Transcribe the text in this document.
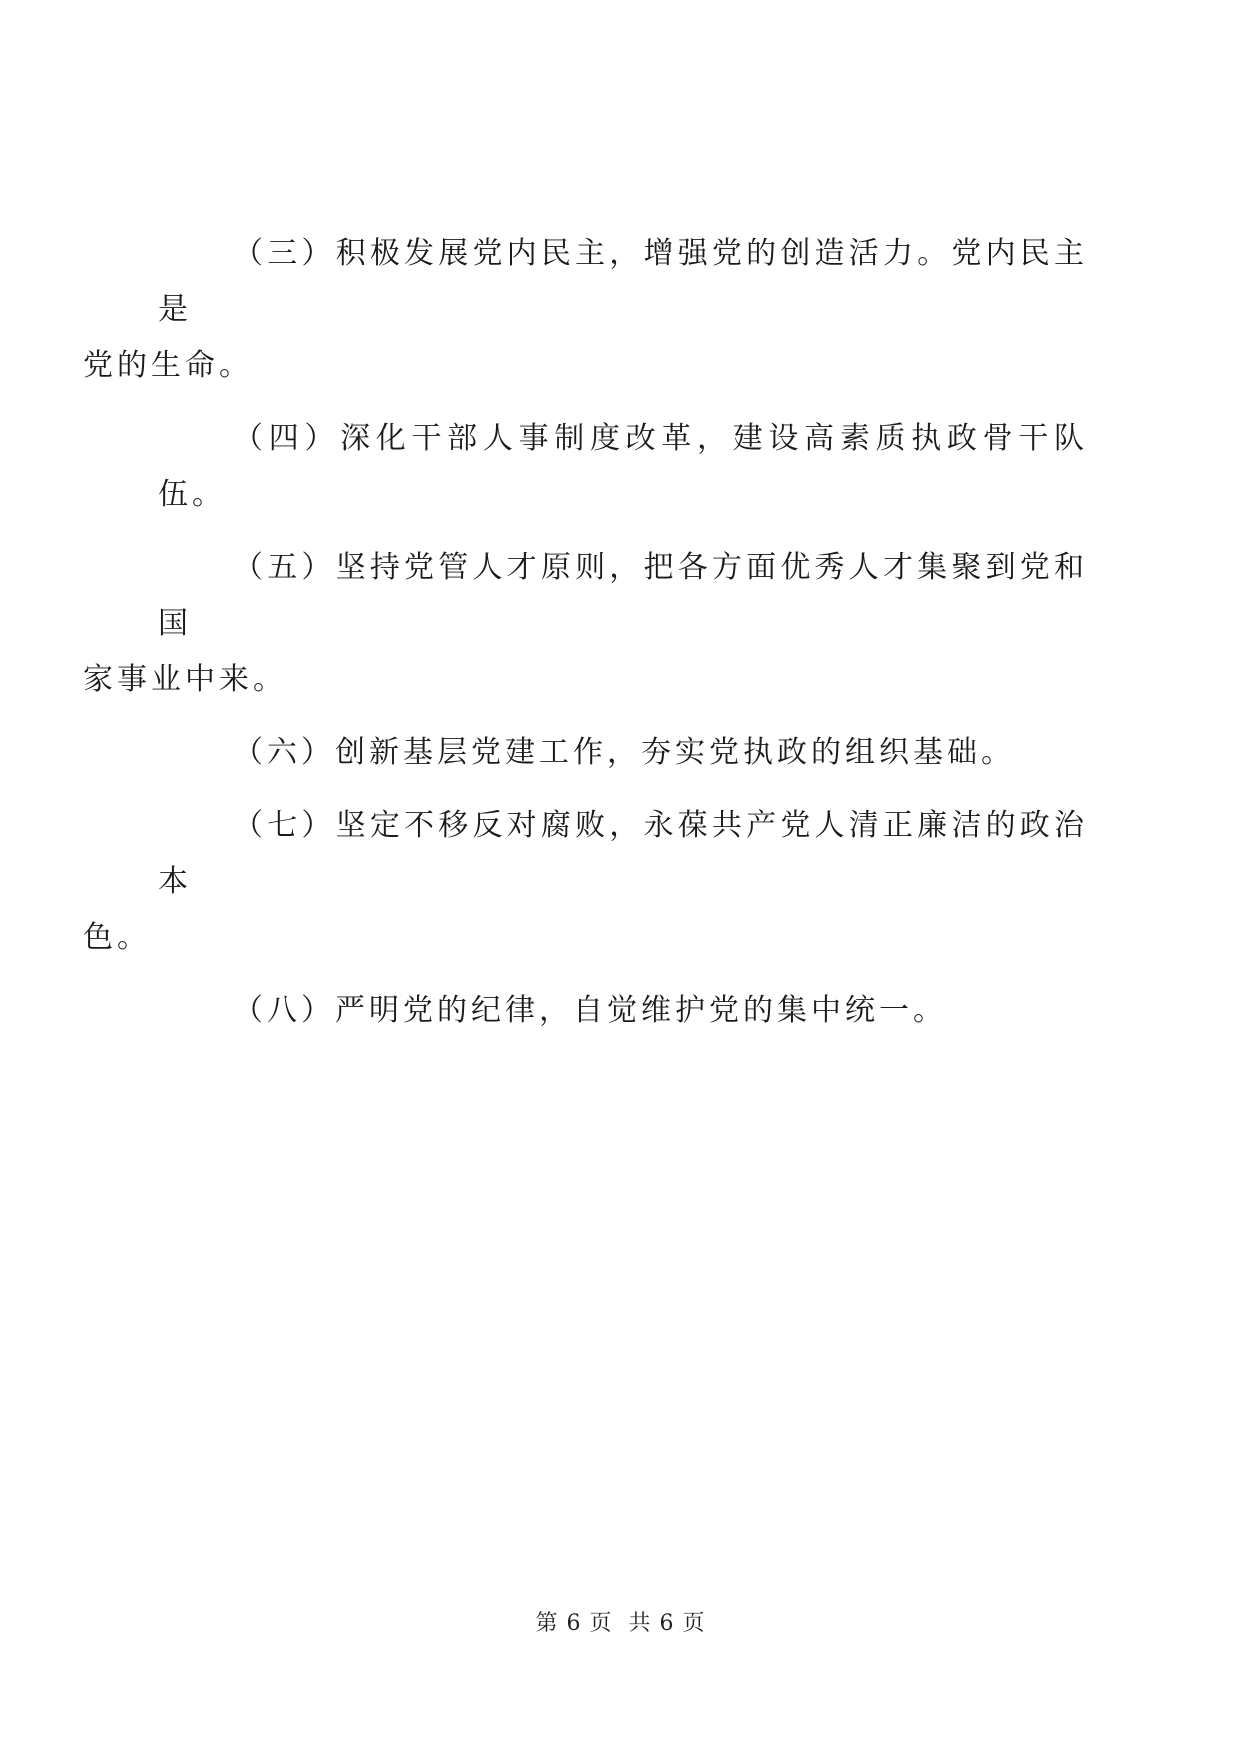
（三）积极发展党内民主，增强党的创造活力。党内民主是
党的生命。

（四）深化干部人事制度改革，建设高素质执政骨干队伍。

（五）坚持党管人才原则，把各方面优秀人才集聚到党和国
家事业中来。

（六）创新基层党建工作，夯实党执政的组织基础。

（七）坚定不移反对腐败，永葆共产党人清正廉洁的政治本
色。

（八）严明党的纪律，自觉维护党的集中统一。

第 6 页 共 6 页
